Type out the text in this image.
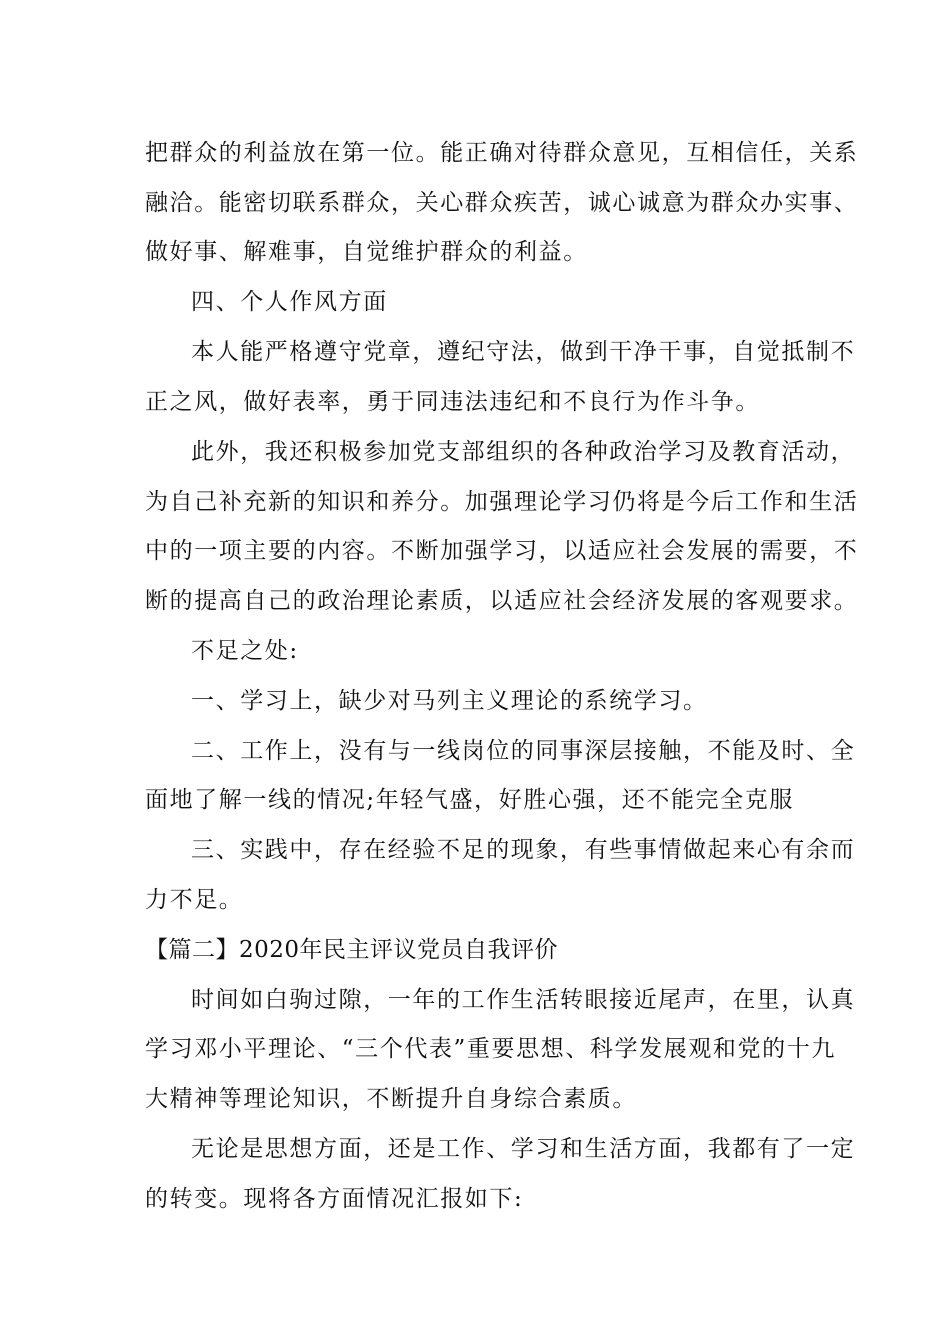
把群众的利益放在第一位。能正确对待群众意见，互相信任，关系
融洽。能密切联系群众，关心群众疾苦，诚心诚意为群众办实事、
做好事、解难事，自觉维护群众的利益。
四、个人作风方面
本人能严格遵守党章，遵纪守法，做到干净干事，自觉抵制不
正之风，做好表率，勇于同违法违纪和不良行为作斗争。
此外，我还积极参加党支部组织的各种政治学习及教育活动，
为自己补充新的知识和养分。加强理论学习仍将是今后工作和生活
中的一项主要的内容。不断加强学习，以适应社会发展的需要，不
断的提高自己的政治理论素质，以适应社会经济发展的客观要求。
不足之处:
一、学习上，缺少对马列主义理论的系统学习。
二、工作上，没有与一线岗位的同事深层接触，不能及时、全
面地了解一线的情况;年轻气盛，好胜心强，还不能完全克服
三、实践中，存在经验不足的现象，有些事情做起来心有余而
力不足。
【篇二】2020年民主评议党员自我评价
时间如白驹过隙，一年的工作生活转眼接近尾声，在里，认真
学习邓小平理论、“三个代表”重要思想、科学发展观和党的十九
大精神等理论知识，不断提升自身综合素质。
无论是思想方面，还是工作、学习和生活方面，我都有了一定
的转变。现将各方面情况汇报如下:
